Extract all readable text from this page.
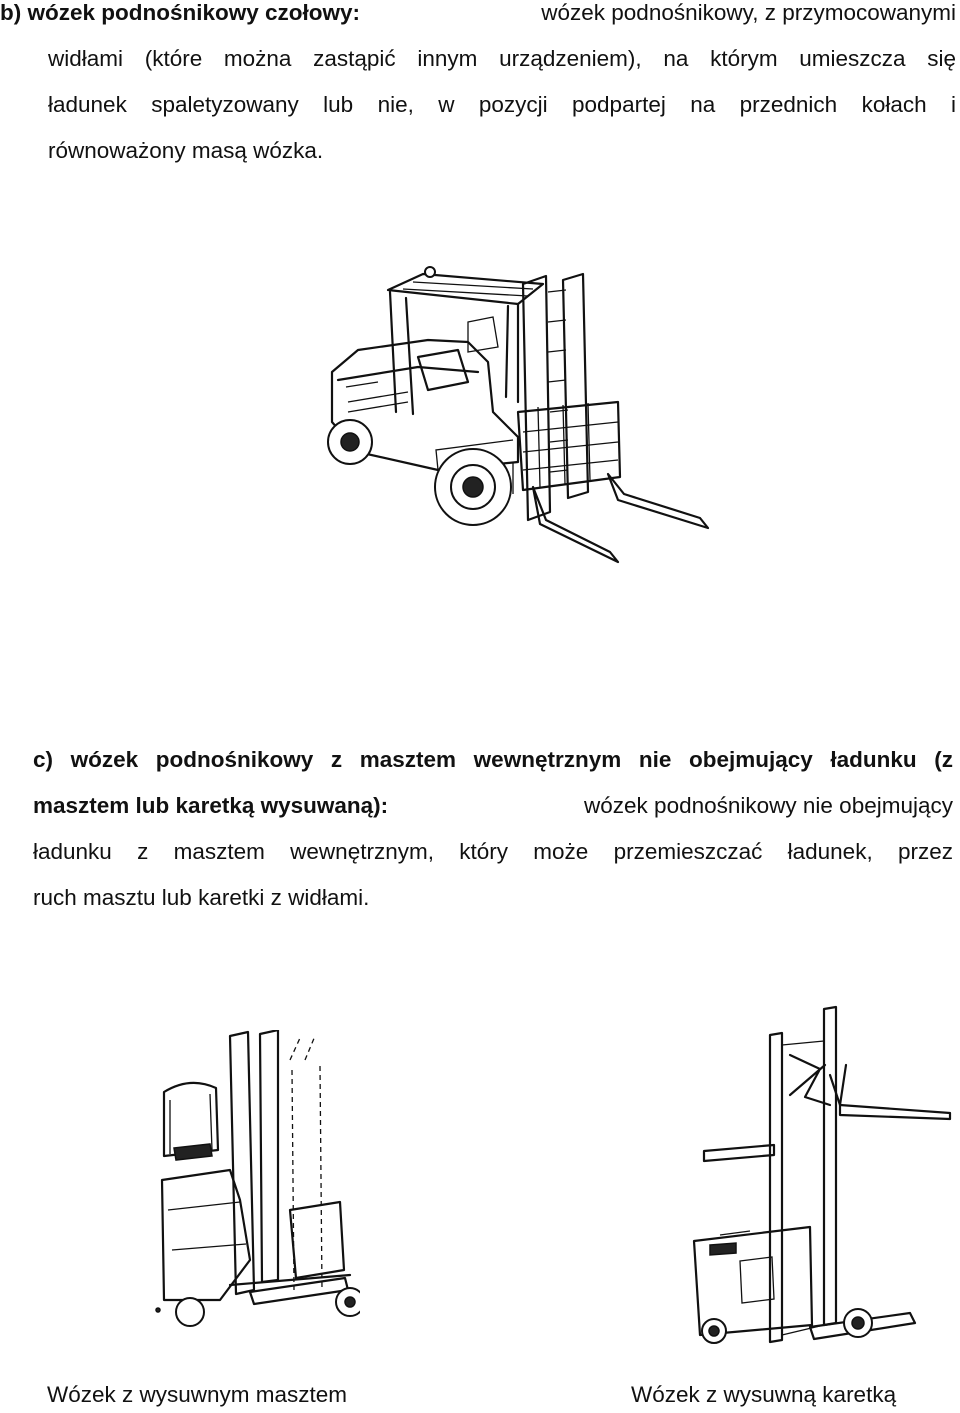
b) wózek podnośnikowy czołowy:	wózek podnośnikowy, z przymocowanymi
widłami (które można zastąpić innym urządzeniem), na którym umieszcza się
ładunek spaletyzowany lub nie, w pozycji podpartej na przednich kołach i
równoważony masą wózka.
c) wózek podnośnikowy z masztem wewnętrznym nie obejmujący ładunku (z
masztem lub karetką wysuwaną):	wózek podnośnikowy nie obejmujący
ładunku z masztem wewnętrznym, który może przemieszczać ładunek, przez
ruch masztu lub karetki z widłami.
Wózek z wysuwnym masztem	Wózek z wysuwną karetką
